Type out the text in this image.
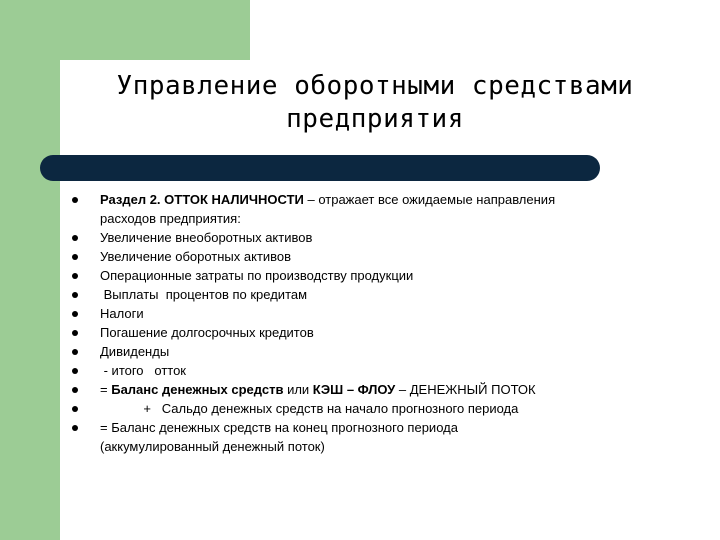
Управление оборотными средствами
предприятия
Раздел 2. ОТТОК НАЛИЧНОСТИ – отражает все ожидаемые направления
расходов предприятия:
Увеличение внеоборотных активов
Увеличение оборотных активов
Операционные затраты по производству продукции
Выплаты  процентов по кредитам
Налоги
Погашение долгосрочных кредитов
Дивиденды
- итого   отток
= Баланс денежных средств или КЭШ – ФЛОУ – ДЕНЕЖНЫЙ ПОТОК
+   Сальдо денежных средств на начало прогнозного периода
= Баланс денежных средств на конец прогнозного периода
(аккумулированный денежный поток)
